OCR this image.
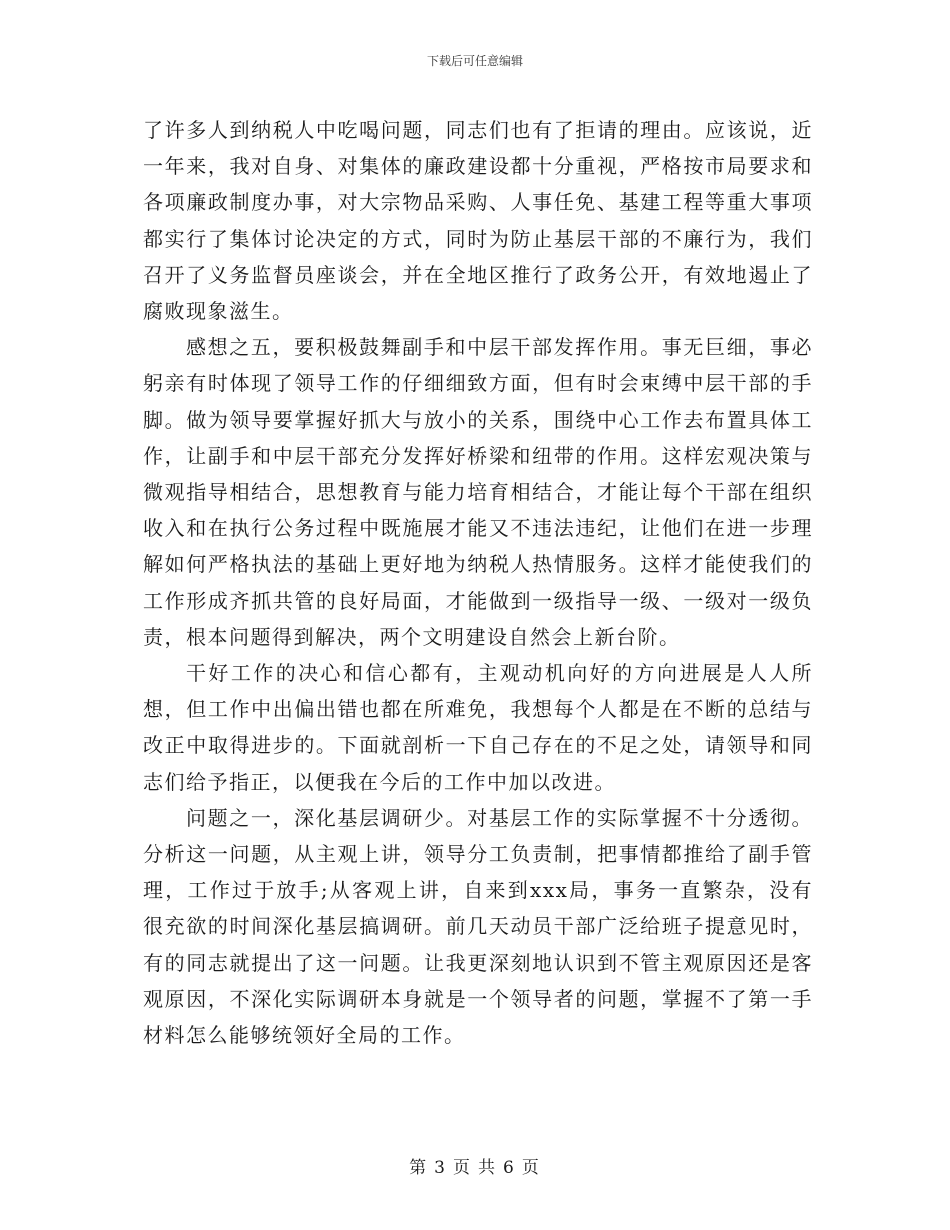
下载后可任意编辑

了许多人到纳税人中吃喝问题，同志们也有了拒请的理由。应该说，近一年来，我对自身、对集体的廉政建设都十分重视，严格按市局要求和各项廉政制度办事，对大宗物品采购、人事任免、基建工程等重大事项都实行了集体讨论决定的方式，同时为防止基层干部的不廉行为，我们召开了义务监督员座谈会，并在全地区推行了政务公开，有效地遏止了腐败现象滋生。

感想之五，要积极鼓舞副手和中层干部发挥作用。事无巨细，事必躬亲有时体现了领导工作的仔细细致方面，但有时会束缚中层干部的手脚。做为领导要掌握好抓大与放小的关系，围绕中心工作去布置具体工作，让副手和中层干部充分发挥好桥梁和纽带的作用。这样宏观决策与微观指导相结合，思想教育与能力培育相结合，才能让每个干部在组织收入和在执行公务过程中既施展才能又不违法违纪，让他们在进一步理解如何严格执法的基础上更好地为纳税人热情服务。这样才能使我们的工作形成齐抓共管的良好局面，才能做到一级指导一级、一级对一级负责，根本问题得到解决，两个文明建设自然会上新台阶。

干好工作的决心和信心都有，主观动机向好的方向进展是人人所想，但工作中出偏出错也都在所难免，我想每个人都是在不断的总结与改正中取得进步的。下面就剖析一下自己存在的不足之处，请领导和同志们给予指正，以便我在今后的工作中加以改进。

问题之一，深化基层调研少。对基层工作的实际掌握不十分透彻。分析这一问题，从主观上讲，领导分工负责制，把事情都推给了副手管理，工作过于放手;从客观上讲，自来到xxx局，事务一直繁杂，没有很充欲的时间深化基层搞调研。前几天动员干部广泛给班子提意见时，有的同志就提出了这一问题。让我更深刻地认识到不管主观原因还是客观原因，不深化实际调研本身就是一个领导者的问题，掌握不了第一手材料怎么能够统领好全局的工作。

第 3 页 共 6 页
